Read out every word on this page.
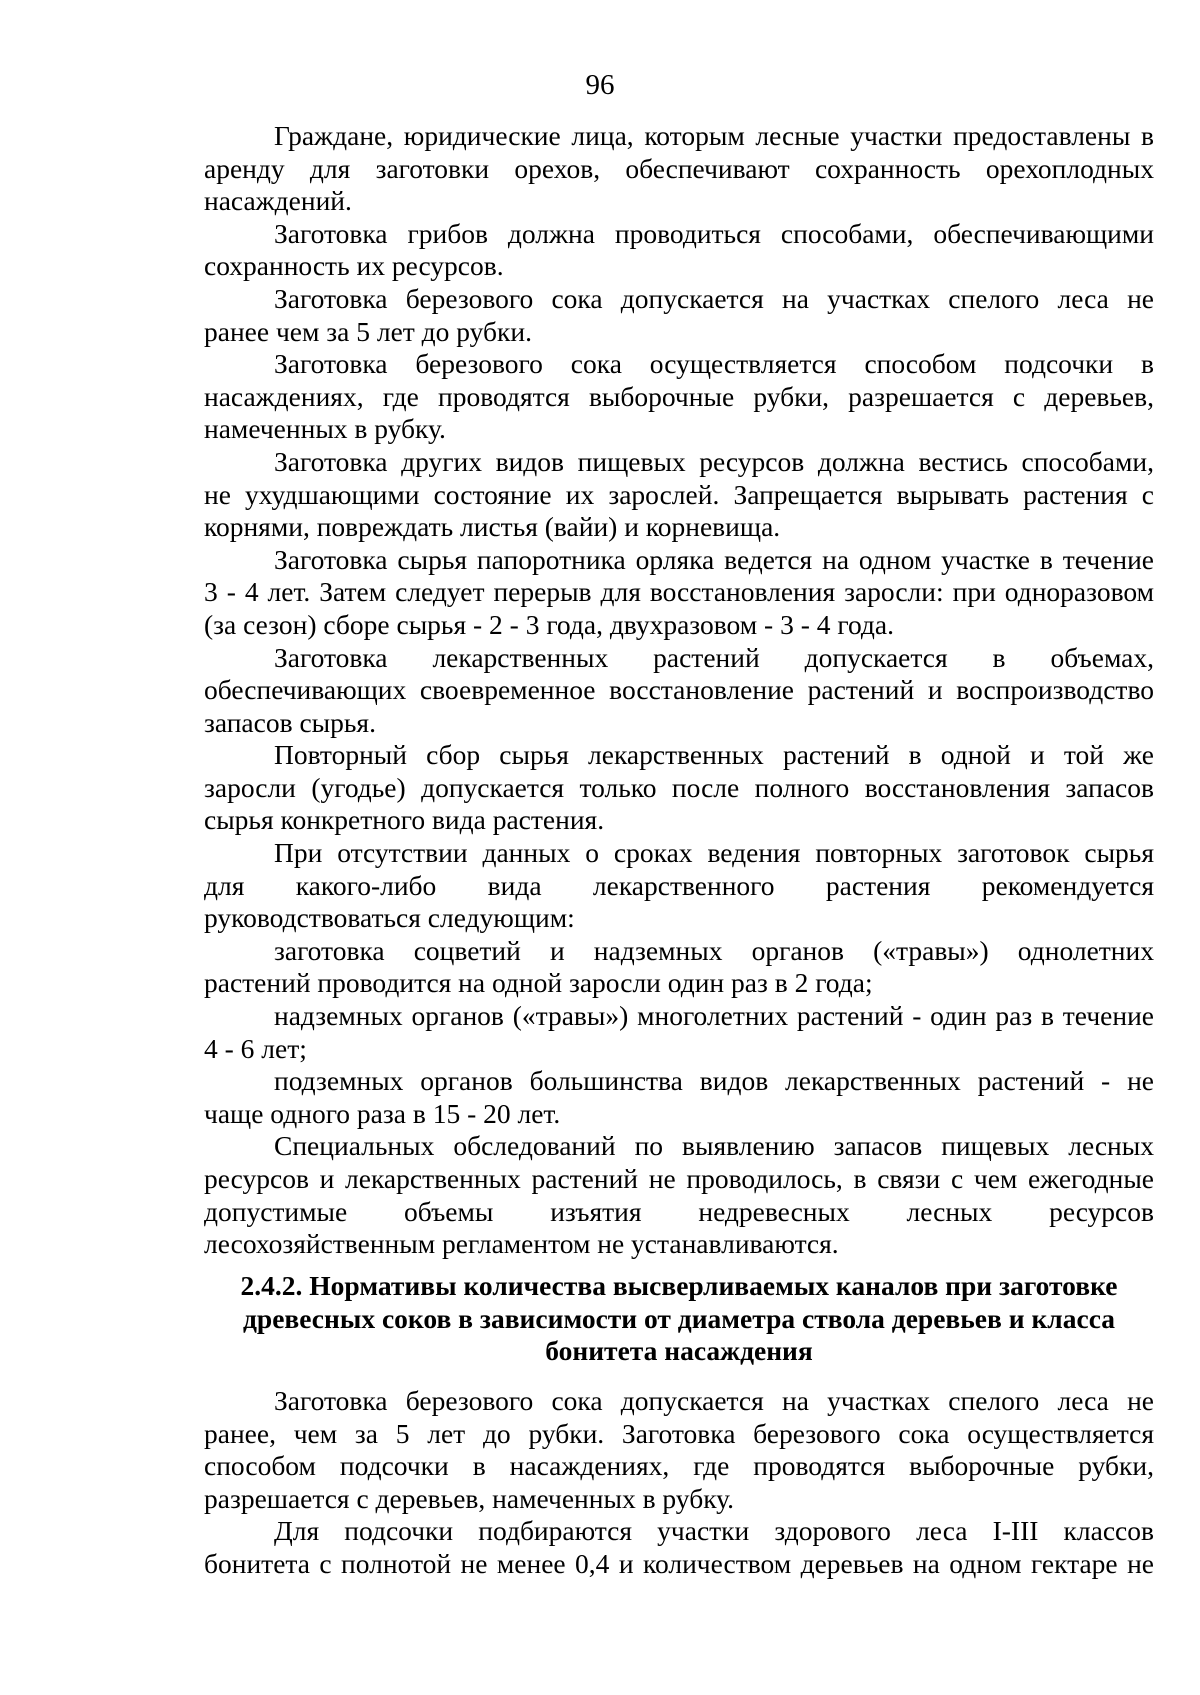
96
Граждане, юридические лица, которым лесные участки предоставлены в
аренду для заготовки орехов, обеспечивают сохранность орехоплодных
насаждений.
Заготовка грибов должна проводиться способами, обеспечивающими
сохранность их ресурсов.
Заготовка березового сока допускается на участках спелого леса не
ранее чем за 5 лет до рубки.
Заготовка березового сока осуществляется способом подсочки в
насаждениях, где проводятся выборочные рубки, разрешается с деревьев,
намеченных в рубку.
Заготовка других видов пищевых ресурсов должна вестись способами,
не ухудшающими состояние их зарослей. Запрещается вырывать растения с
корнями, повреждать листья (вайи) и корневища.
Заготовка сырья папоротника орляка ведется на одном участке в течение
3 - 4 лет. Затем следует перерыв для восстановления заросли: при одноразовом
(за сезон) сборе сырья - 2 - 3 года, двухразовом - 3 - 4 года.
Заготовка лекарственных растений допускается в объемах,
обеспечивающих своевременное восстановление растений и воспроизводство
запасов сырья.
Повторный сбор сырья лекарственных растений в одной и той же
заросли (угодье) допускается только после полного восстановления запасов
сырья конкретного вида растения.
При отсутствии данных о сроках ведения повторных заготовок сырья
для какого-либо вида лекарственного растения рекомендуется
руководствоваться следующим:
заготовка соцветий и надземных органов («травы») однолетних
растений проводится на одной заросли один раз в 2 года;
надземных органов («травы») многолетних растений - один раз в течение
4 - 6 лет;
подземных органов большинства видов лекарственных растений - не
чаще одного раза в 15 - 20 лет.
Специальных обследований по выявлению запасов пищевых лесных
ресурсов и лекарственных растений не проводилось, в связи с чем ежегодные
допустимые объемы изъятия недревесных лесных ресурсов
лесохозяйственным регламентом не устанавливаются.
2.4.2. Нормативы количества высверливаемых каналов при заготовке
древесных соков в зависимости от диаметра ствола деревьев и класса
бонитета насаждения
Заготовка березового сока допускается на участках спелого леса не
ранее, чем за 5 лет до рубки. Заготовка березового сока осуществляется
способом подсочки в насаждениях, где проводятся выборочные рубки,
разрешается с деревьев, намеченных в рубку.
Для подсочки подбираются участки здорового леса I-III классов
бонитета с полнотой не менее 0,4 и количеством деревьев на одном гектаре не
